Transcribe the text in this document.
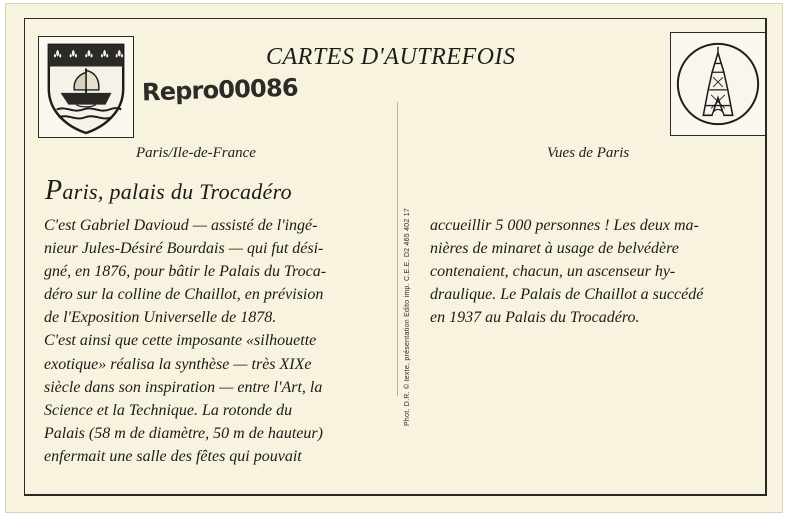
CARTES D'AUTREFOIS
Repro00086
Phot. D.R. © texte, présentation Edito imp. C.E.E. D2 465 402 17
Paris/Ile-de-France	Vues de Paris
Paris, palais du Trocadéro
C'est Gabriel Davioud — assisté de l'ingé-
nieur Jules-Désiré Bourdais — qui fut dési-
gné, en 1876, pour bâtir le Palais du Troca-
déro sur la colline de Chaillot, en prévision
de l'Exposition Universelle de 1878.
C'est ainsi que cette imposante «silhouette
exotique» réalisa la synthèse — très XIXe
siècle dans son inspiration — entre l'Art, la
Science et la Technique. La rotonde du
Palais (58 m de diamètre, 50 m de hauteur)
enfermait une salle des fêtes qui pouvait
accueillir 5 000 personnes ! Les deux ma-
nières de minaret à usage de belvédère
contenaient, chacun, un ascenseur hy-
draulique. Le Palais de Chaillot a succédé
en 1937 au Palais du Trocadéro.
